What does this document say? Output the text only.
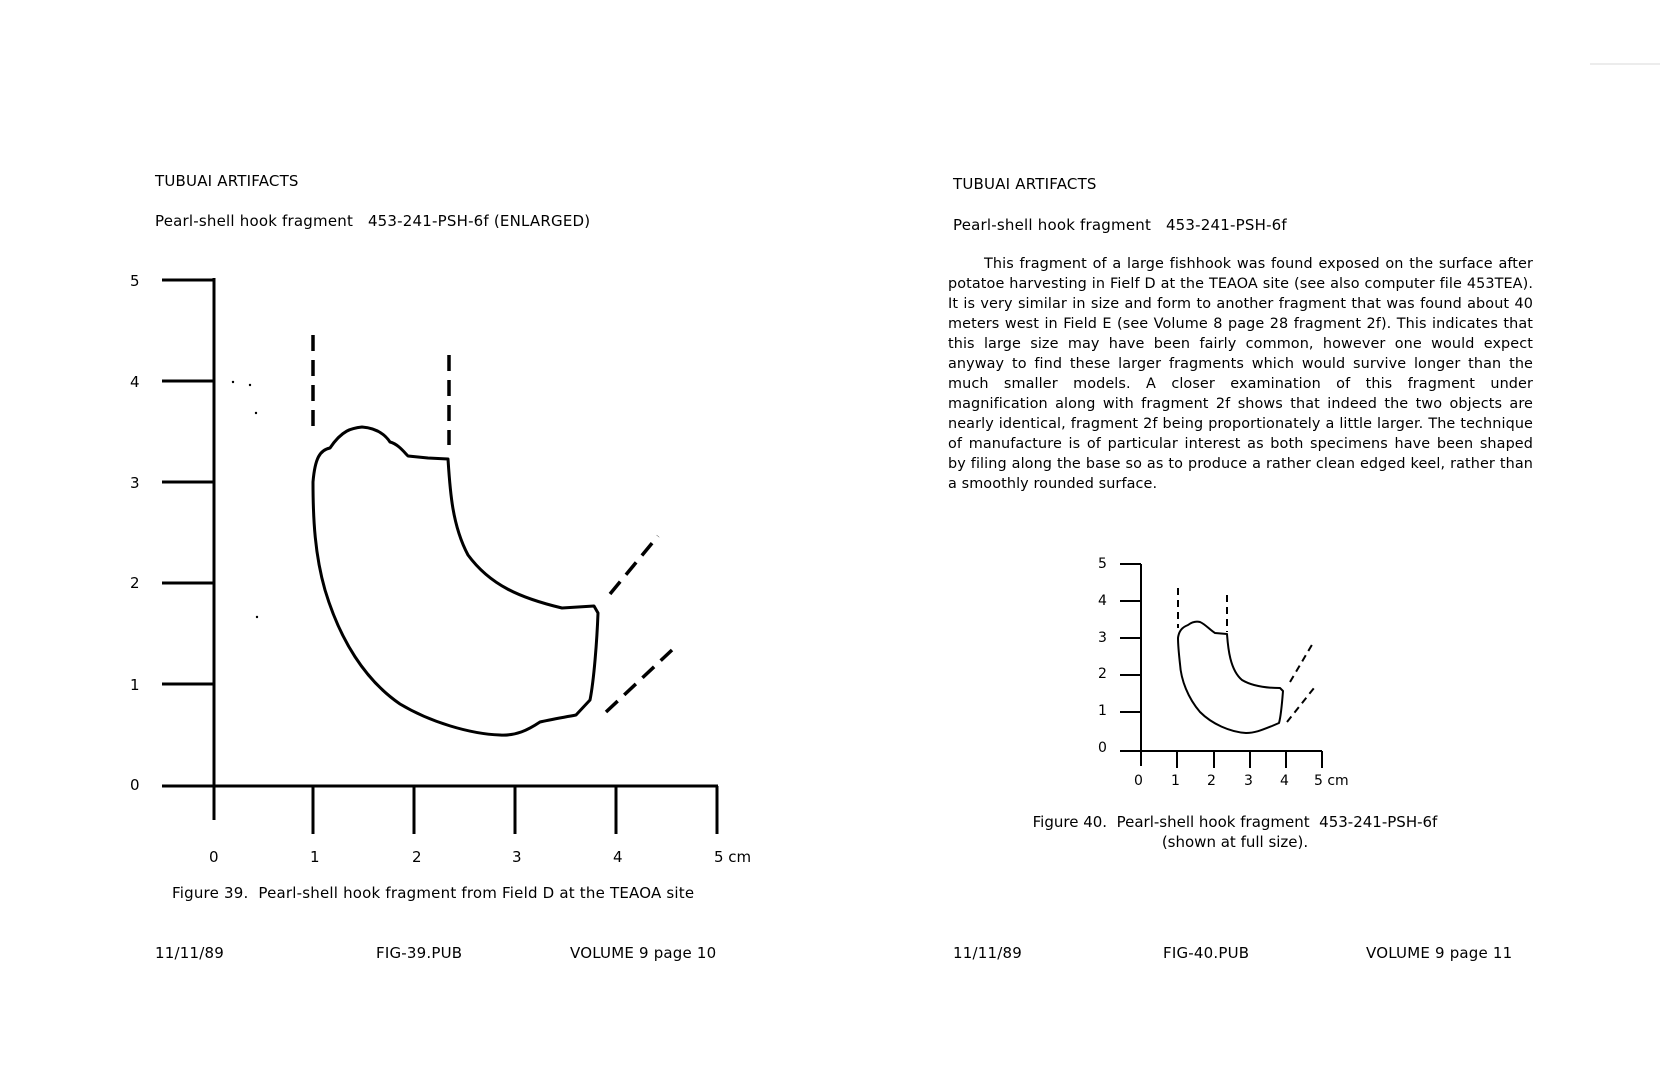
TUBUAI ARTIFACTS
Pearl-shell hook fragment   453-241-PSH-6f (ENLARGED)
5
4
3
2
1
0
0	1	2	3	4	5 cm
Figure 39.  Pearl-shell hook fragment from Field D at the TEAOA site
11/11/89	FIG-39.PUB	VOLUME 9 page 10
TUBUAI ARTIFACTS
Pearl-shell hook fragment   453-241-PSH-6f
This fragment of a large fishhook was found exposed on the surface after potatoe harvesting in Fielf D at the TEAOA site (see also computer file 453TEA). It is very similar in size and form to another fragment that was found about 40 meters west in Field E (see Volume 8 page 28 fragment 2f). This indicates that this large size may have been fairly common, however one would expect anyway to find these larger fragments which would survive longer than the much smaller models. A closer examination of this fragment under magnification along with fragment 2f shows that indeed the two objects are nearly identical, fragment 2f being proportionately a little larger. The technique of manufacture is of particular interest as both specimens have been shaped by filing along the base so as to produce a rather clean edged keel, rather than a smoothly rounded surface.
5
4
3
2
1
0
0 1 2 3 4 5 cm
Figure 40.  Pearl-shell hook fragment  453-241-PSH-6f
(shown at full size).
11/11/89	FIG-40.PUB	VOLUME 9 page 11
